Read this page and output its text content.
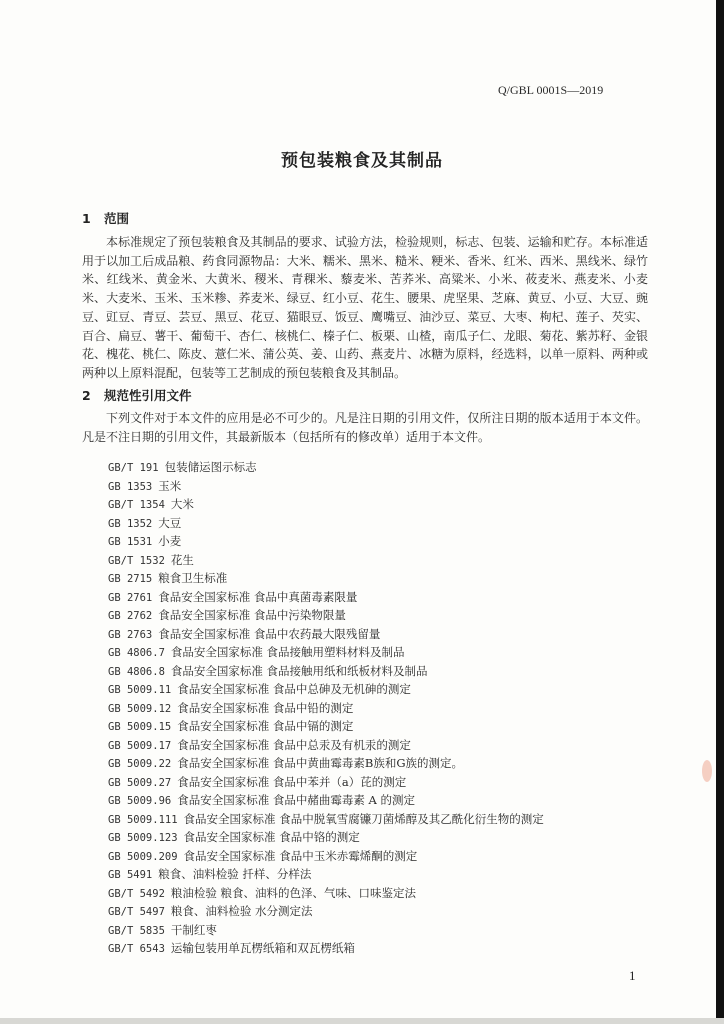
Q/GBL 0001S—2019
预包装粮食及其制品
1 范围
本标准规定了预包装粮食及其制品的要求、试验方法，检验规则，标志、包装、运输和贮存。本标准适用于以加工后成品粮、药食同源物品：大米、糯米、黑米、糙米、粳米、香米、红米、西米、黑线米、绿竹米、红线米、黄金米、大黄米、稷米、青稞米、藜麦米、苦荞米、高粱米、小米、莜麦米、燕麦米、小麦米、大麦米、玉米、玉米糁、荞麦米、绿豆、红小豆、花生、腰果、虎坚果、芝麻、黄豆、小豆、大豆、豌豆、豇豆、青豆、芸豆、黑豆、花豆、猫眼豆、饭豆、鹰嘴豆、油沙豆、菜豆、大枣、枸杞、莲子、芡实、百合、扁豆、薯干、葡萄干、杏仁、核桃仁、榛子仁、板栗、山楂，南瓜子仁、龙眼、菊花、紫苏籽、金银花、槐花、桃仁、陈皮、薏仁米、蒲公英、姜、山药、燕麦片、冰糖为原料，经选料，以单一原料、两种或两种以上原料混配，包装等工艺制成的预包装粮食及其制品。
2 规范性引用文件
下列文件对于本文件的应用是必不可少的。凡是注日期的引用文件，仅所注日期的版本适用于本文件。凡是不注日期的引用文件，其最新版本（包括所有的修改单）适用于本文件。
GB/T 191 包装储运图示标志
GB 1353 玉米
GB/T 1354 大米
GB 1352 大豆
GB 1531 小麦
GB/T 1532 花生
GB 2715 粮食卫生标准
GB 2761 食品安全国家标准 食品中真菌毒素限量
GB 2762 食品安全国家标准 食品中污染物限量
GB 2763 食品安全国家标准 食品中农药最大限残留量
GB 4806.7 食品安全国家标准 食品接触用塑料材料及制品
GB 4806.8 食品安全国家标准 食品接触用纸和纸板材料及制品
GB 5009.11 食品安全国家标准 食品中总砷及无机砷的测定
GB 5009.12 食品安全国家标准 食品中铅的测定
GB 5009.15 食品安全国家标准 食品中镉的测定
GB 5009.17 食品安全国家标准 食品中总汞及有机汞的测定
GB 5009.22 食品安全国家标准 食品中黄曲霉毒素B族和G族的测定。
GB 5009.27 食品安全国家标准 食品中苯并（a）芘的测定
GB 5009.96 食品安全国家标准 食品中赭曲霉毒素 A 的测定
GB 5009.111 食品安全国家标准 食品中脱氧雪腐镰刀菌烯醇及其乙酰化衍生物的测定
GB 5009.123 食品安全国家标准 食品中铬的测定
GB 5009.209 食品安全国家标准 食品中玉米赤霉烯酮的测定
GB 5491 粮食、油料检验 扦样、分样法
GB/T 5492 粮油检验 粮食、油料的色泽、气味、口味鉴定法
GB/T 5497 粮食、油料检验 水分测定法
GB/T 5835 干制红枣
GB/T 6543 运输包装用单瓦楞纸箱和双瓦楞纸箱
1
